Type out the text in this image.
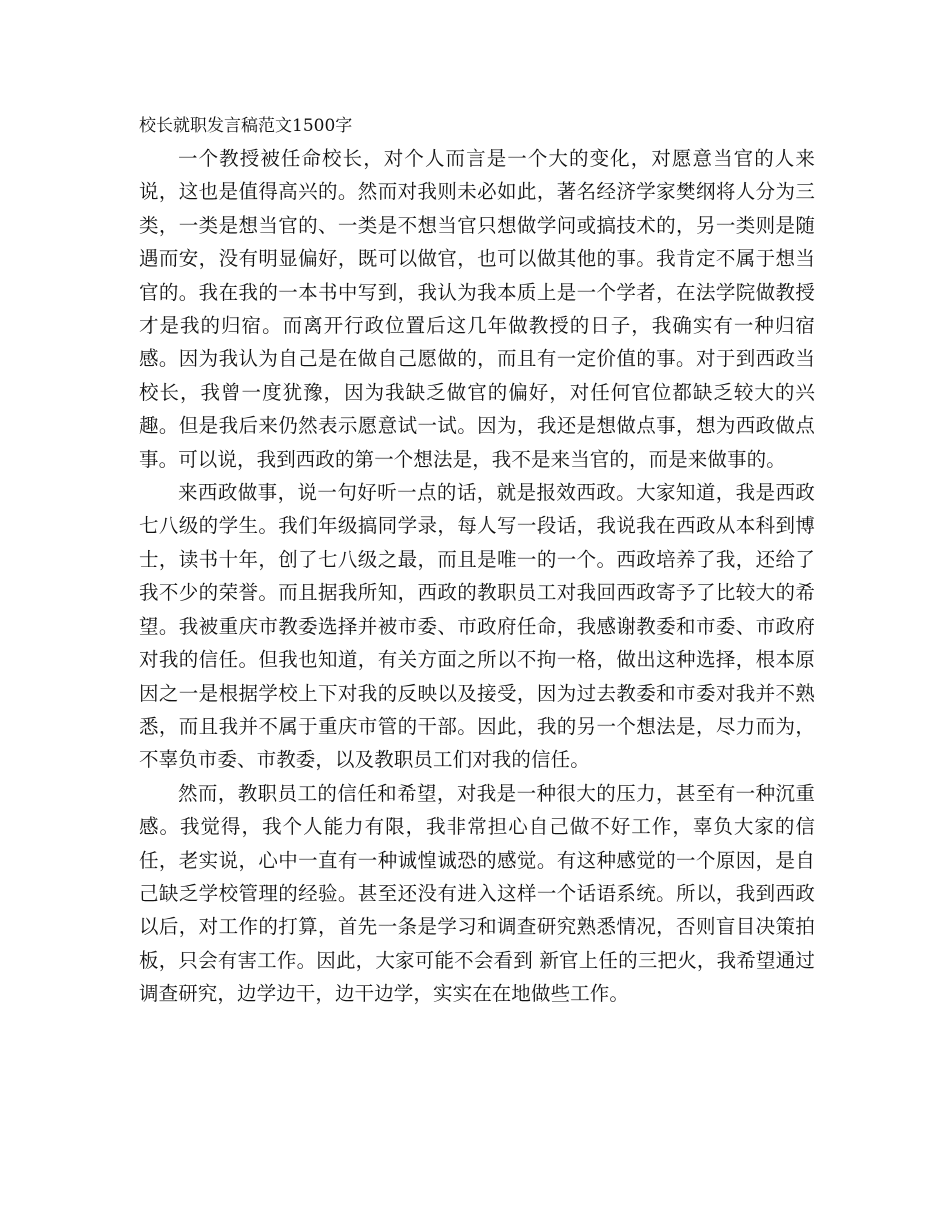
校长就职发言稿范文1500字

一个教授被任命校长，对个人而言是一个大的变化，对愿意当官的人来说，这也是值得高兴的。然而对我则未必如此，著名经济学家樊纲将人分为三类，一类是想当官的、一类是不想当官只想做学问或搞技术的，另一类则是随遇而安，没有明显偏好，既可以做官，也可以做其他的事。我肯定不属于想当官的。我在我的一本书中写到，我认为我本质上是一个学者，在法学院做教授才是我的归宿。而离开行政位置后这几年做教授的日子，我确实有一种归宿感。因为我认为自己是在做自己愿做的，而且有一定价值的事。对于到西政当校长，我曾一度犹豫，因为我缺乏做官的偏好，对任何官位都缺乏较大的兴趣。但是我后来仍然表示愿意试一试。因为，我还是想做点事，想为西政做点事。可以说，我到西政的第一个想法是，我不是来当官的，而是来做事的。

来西政做事，说一句好听一点的话，就是报效西政。大家知道，我是西政七八级的学生。我们年级搞同学录，每人写一段话，我说我在西政从本科到博士，读书十年，创了七八级之最，而且是唯一的一个。西政培养了我，还给了我不少的荣誉。而且据我所知，西政的教职员工对我回西政寄予了比较大的希望。我被重庆市教委选择并被市委、市政府任命，我感谢教委和市委、市政府对我的信任。但我也知道，有关方面之所以不拘一格，做出这种选择，根本原因之一是根据学校上下对我的反映以及接受，因为过去教委和市委对我并不熟悉，而且我并不属于重庆市管的干部。因此，我的另一个想法是，尽力而为，不辜负市委、市教委，以及教职员工们对我的信任。

然而，教职员工的信任和希望，对我是一种很大的压力，甚至有一种沉重感。我觉得，我个人能力有限，我非常担心自己做不好工作，辜负大家的信任，老实说，心中一直有一种诚惶诚恐的感觉。有这种感觉的一个原因，是自己缺乏学校管理的经验。甚至还没有进入这样一个话语系统。所以，我到西政以后，对工作的打算，首先一条是学习和调查研究熟悉情况，否则盲目决策拍板，只会有害工作。因此，大家可能不会看到 新官上任的三把火，我希望通过调查研究，边学边干，边干边学，实实在在地做些工作。
